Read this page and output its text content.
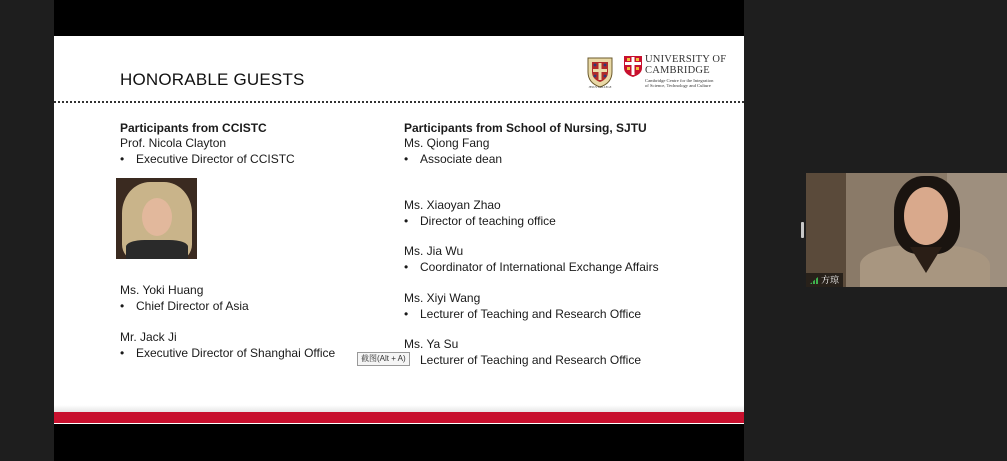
HONORABLE GUESTS	JESUS COLLEGE
UNIVERSITY OF
CAMBRIDGE
Cambridge Centre for the Integration
of Science, Technology and Culture
Participants from CCISTC
Prof. Nicola Clayton
• Executive Director of CCISTC
Ms. Yoki Huang
• Chief Director of Asia
Mr. Jack Ji
• Executive Director of Shanghai Office
Participants from School of Nursing, SJTU
Ms. Qiong Fang
• Associate dean
Ms. Xiaoyan Zhao
• Director of teaching office
Ms. Jia Wu
• Coordinator of International Exchange Affairs
Ms. Xiyi Wang
• Lecturer of Teaching and Research Office
Ms. Ya Su
• Lecturer of Teaching and Research Office
截图(Alt + A)
方琼
